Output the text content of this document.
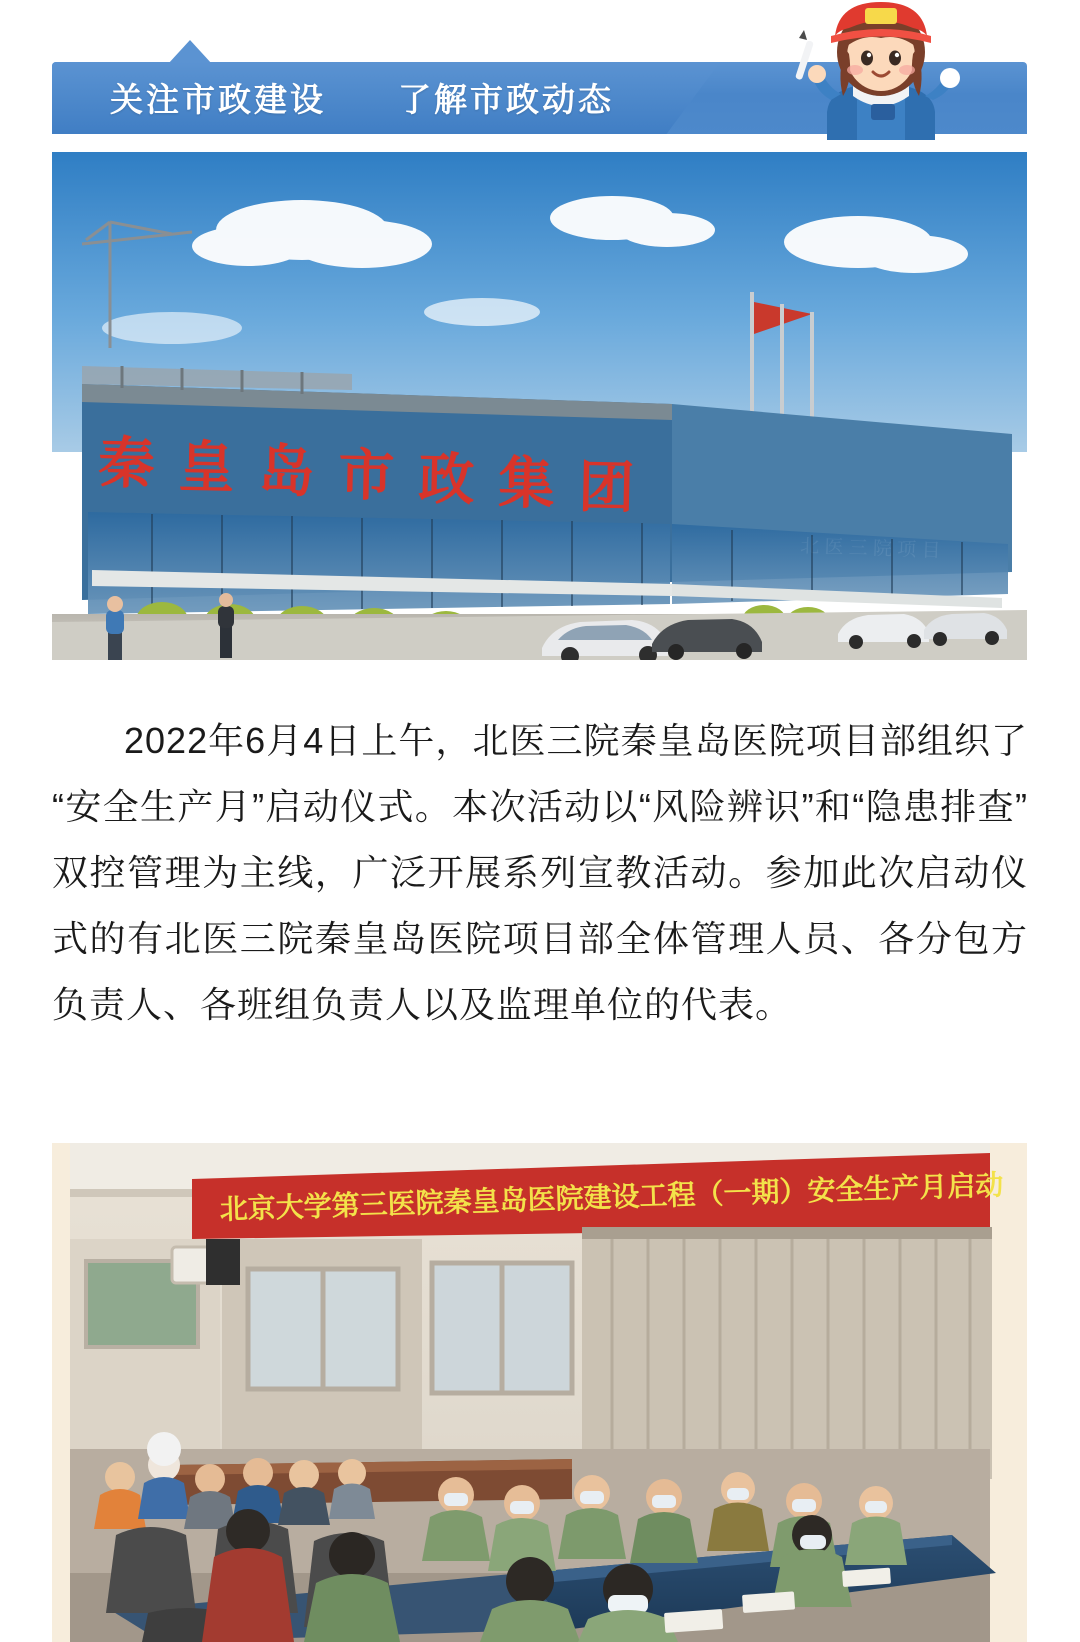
关注市政建设　　了解市政动态
秦 皇 岛 市 政 集 团

2022年6月4日上午，北医三院秦皇岛医院项目部组织了“安全生产月”启动仪式。本次活动以“风险辨识”和“隐患排查”双控管理为主线，广泛开展系列宣教活动。参加此次启动仪式的有北医三院秦皇岛医院项目部全体管理人员、各分包方负责人、各班组负责人以及监理单位的代表。

北京大学第三医院秦皇岛医院建设工程（一期）安全生产月启动
